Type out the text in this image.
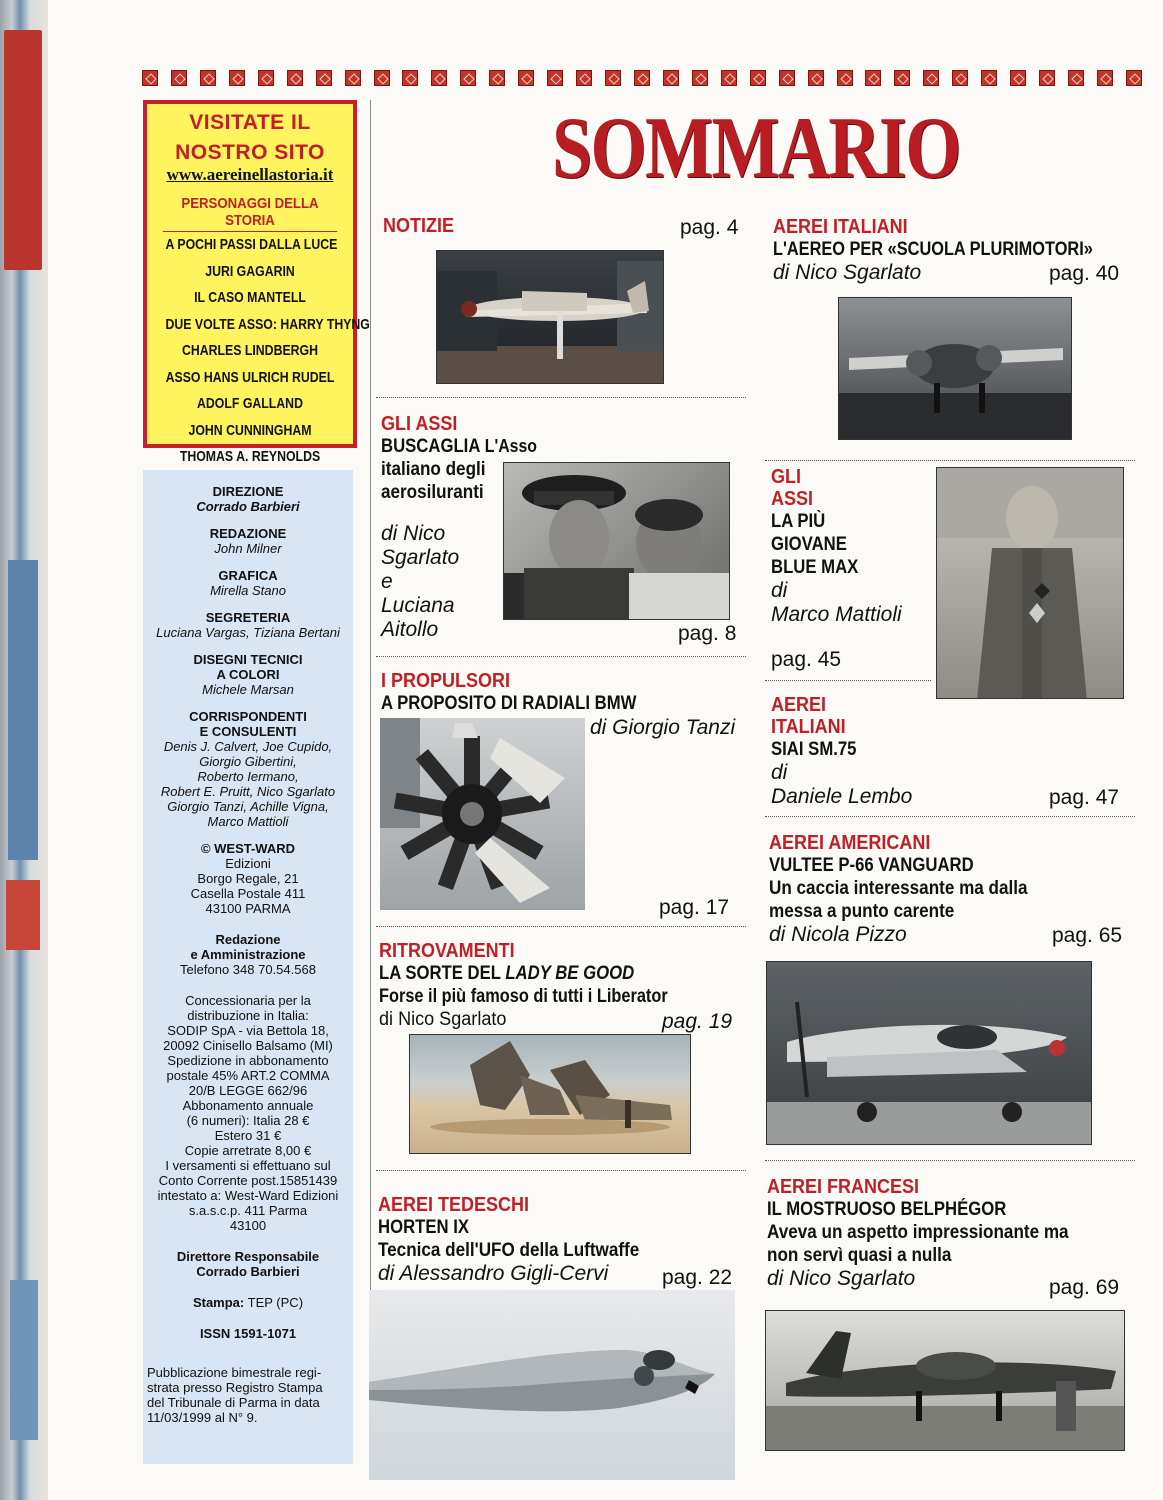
SOMMARIO
VISITATE IL
NOSTRO SITO
www.aereinellastoria.it
PERSONAGGI DELLA STORIA
A POCHI PASSI DALLA LUCE
JURI GAGARIN
IL CASO MANTELL
DUE VOLTE ASSO: HARRY THYNG
CHARLES LINDBERGH
ASSO HANS ULRICH RUDEL
ADOLF GALLAND
JOHN CUNNINGHAM
THOMAS A. REYNOLDS
DIREZIONE
Corrado Barbieri
REDAZIONE
John Milner
GRAFICA
Mirella Stano
SEGRETERIA
Luciana Vargas, Tiziana Bertani
DISEGNI TECNICI
A COLORI
Michele Marsan
CORRISPONDENTI
E CONSULENTI
Denis J. Calvert, Joe Cupido,
Giorgio Gibertini,
Roberto Iermano,
Robert E. Pruitt, Nico Sgarlato
Giorgio Tanzi, Achille Vigna,
Marco Mattioli
© WEST-WARD
Edizioni
Borgo Regale, 21
Casella Postale 411
43100 PARMA
Redazione
e Amministrazione
Telefono 348 70.54.568
Concessionaria per la
distribuzione in Italia:
SODIP SpA - via Bettola 18,
20092 Cinisello Balsamo (MI)
Spedizione in abbonamento
postale 45% ART.2 COMMA
20/B LEGGE 662/96
Abbonamento annuale
(6 numeri): Italia 28 €
Estero 31 €
Copie arretrate 8,00 €
I versamenti si effettuano sul
Conto Corrente post.15851439
intestato a: West-Ward Edizioni
s.a.s.c.p. 411 Parma
43100
Direttore Responsabile
Corrado Barbieri
Stampa: TEP (PC)
ISSN 1591-1071
Pubblicazione bimestrale regi-
strata presso Registro Stampa
del Tribunale di Parma in data
11/03/1999 al N° 9.
NOTIZIE	pag. 4
GLI ASSI
BUSCAGLIA L'Asso
italiano degli
aerosiluranti
di Nico
Sgarlato
e
Luciana
Aitollo	pag. 8
I PROPULSORI
A PROPOSITO DI RADIALI BMW
di Giorgio Tanzi
pag. 17
RITROVAMENTI
LA SORTE DEL LADY BE GOOD
Forse il più famoso di tutti i Liberator
di Nico Sgarlato	pag. 19
AEREI TEDESCHI
HORTEN IX
Tecnica dell'UFO della Luftwaffe
di Alessandro Gigli-Cervi	pag. 22
AEREI ITALIANI
L'AEREO PER «SCUOLA PLURIMOTORI»
di Nico Sgarlato	pag. 40
GLI
ASSI
LA PIÙ
GIOVANE
BLUE MAX
di
Marco Mattioli
pag. 45
AEREI
ITALIANI
SIAI SM.75
di
Daniele Lembo	pag. 47
AEREI AMERICANI
VULTEE P-66 VANGUARD
Un caccia interessante ma dalla
messa a punto carente
di Nicola Pizzo	pag. 65
AEREI FRANCESI
IL MOSTRUOSO BELPHÉGOR
Aveva un aspetto impressionante ma
non servì quasi a nulla
di Nico Sgarlato	pag. 69
